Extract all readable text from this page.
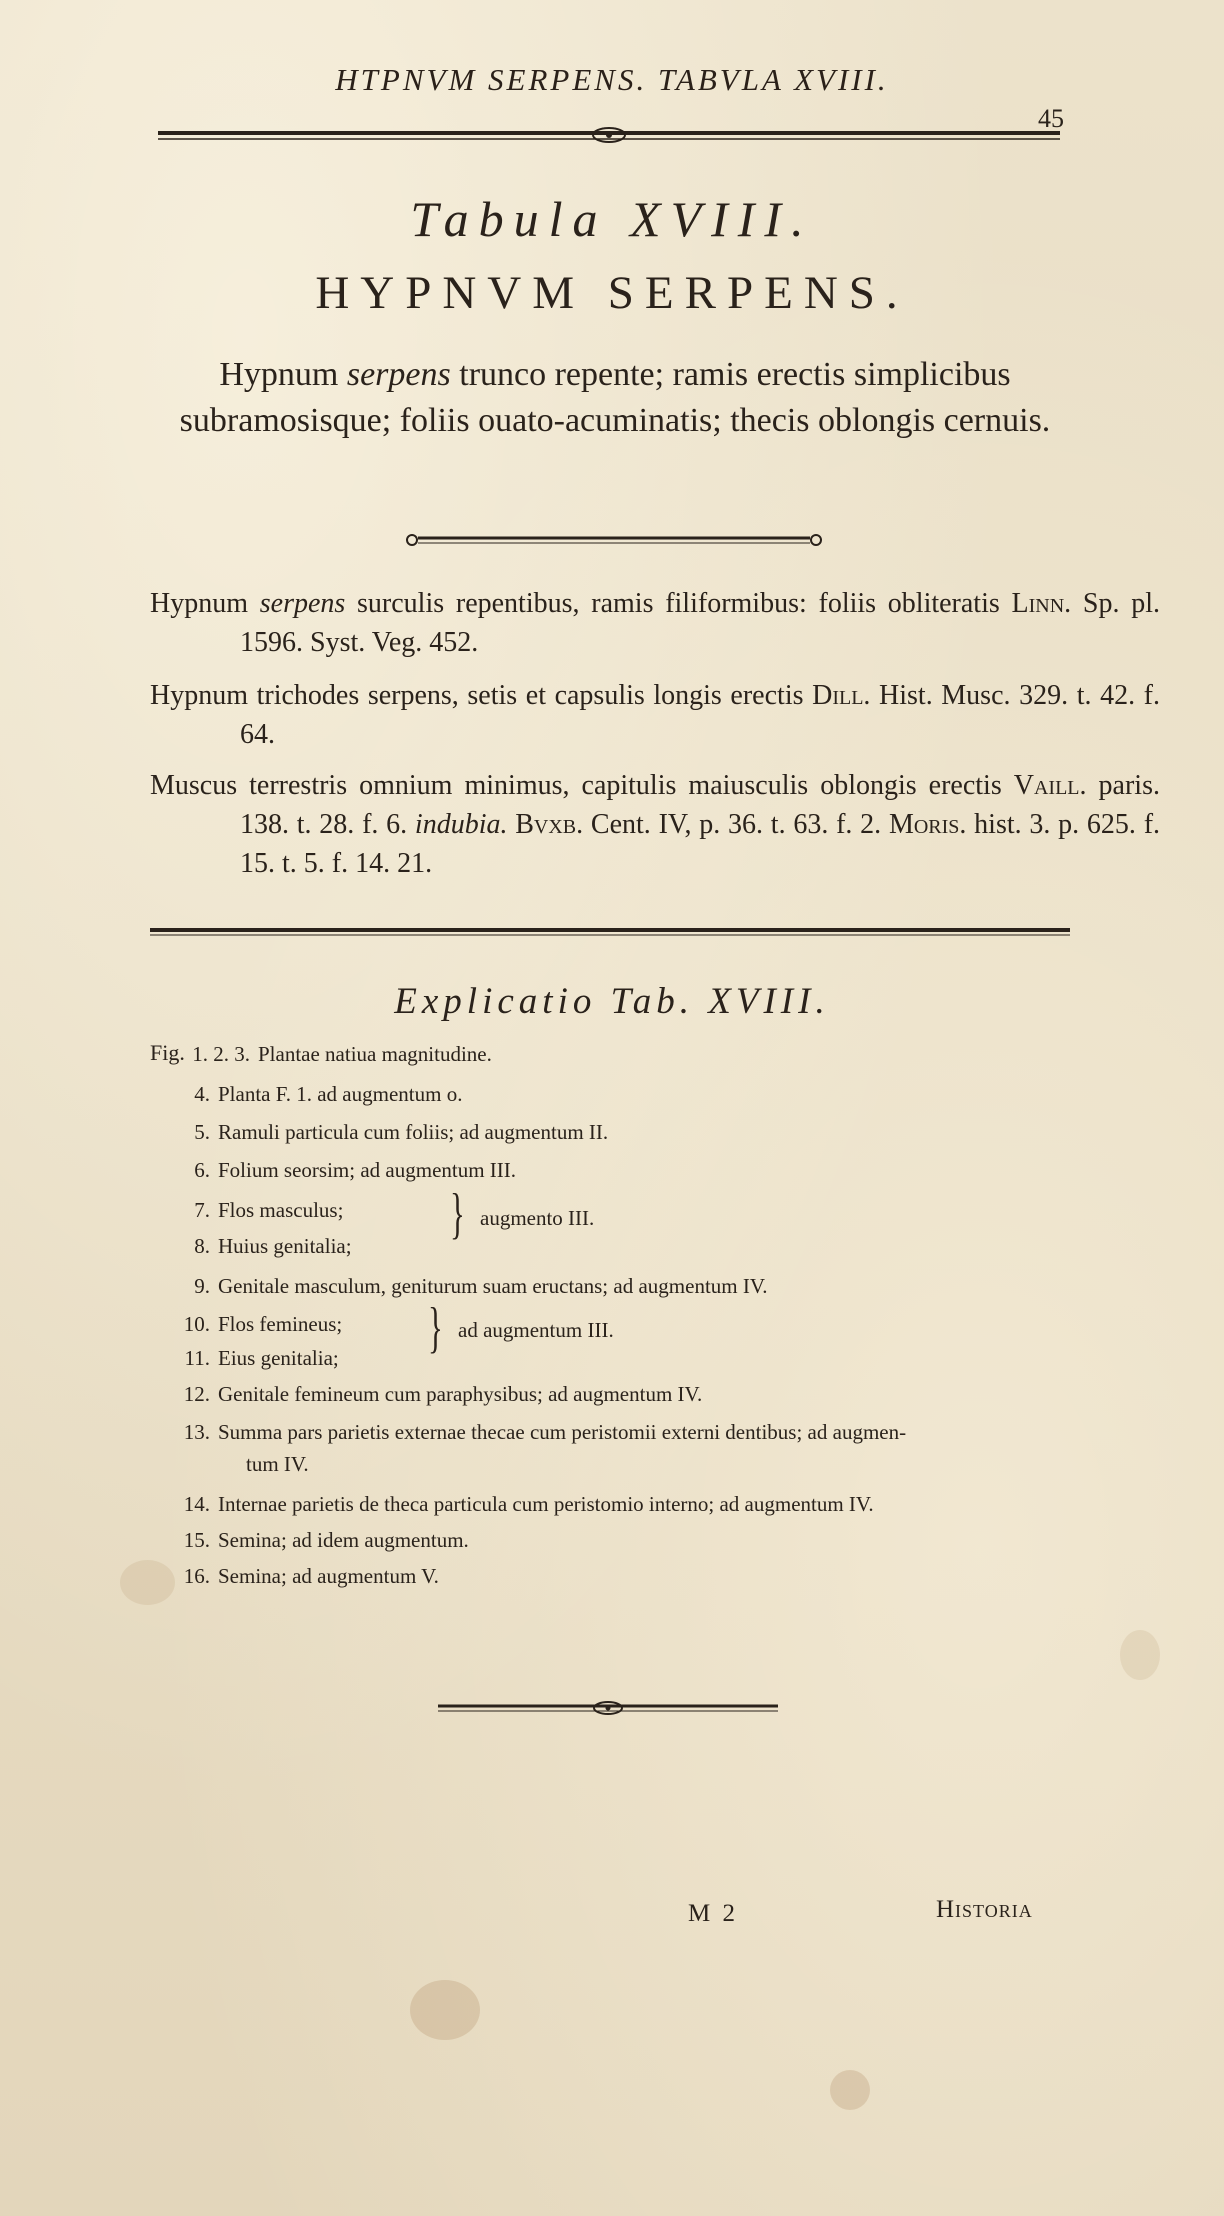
HTPNVM SERPENS. TABVLA XVIII.
45
Tabula XVIII.
HYPNVM SERPENS.
Hypnum serpens trunco repente; ramis erectis simplicibus subramosisque; foliis ouato-acuminatis; thecis oblongis cernuis.
Hypnum serpens surculis repentibus, ramis filiformibus: foliis obliteratis Linn. Sp. pl. 1596. Syst. Veg. 452.
Hypnum trichodes serpens, setis et capsulis longis erectis Dill. Hist. Musc. 329. t. 42. f. 64.
Muscus terrestris omnium minimus, capitulis maiusculis oblongis erectis Vaill. paris. 138. t. 28. f. 6. indubia. Bvxb. Cent. IV, p. 36. t. 63. f. 2. Moris. hist. 3. p. 625. f. 15. t. 5. f. 14. 21.
Explicatio Tab. XVIII.
Fig. 1. 2. 3. Plantae natiua magnitudine.
4. Planta F. 1. ad augmentum o.
5. Ramuli particula cum foliis; ad augmentum II.
6. Folium seorsim; ad augmentum III.
7. Flos masculus;
8. Huius genitalia;
} augmento III.
9. Genitale masculum, geniturum suam eructans; ad augmentum IV.
10. Flos femineus;
11. Eius genitalia; } ad augmentum III.
12. Genitale femineum cum paraphysibus; ad augmentum IV.
13. Summa pars parietis externae thecae cum peristomii externi dentibus; ad augmen-
tum IV.
14. Internae parietis de theca particula cum peristomio interno; ad augmentum IV.
15. Semina; ad idem augmentum.
16. Semina; ad augmentum V.
M 2	Historia
